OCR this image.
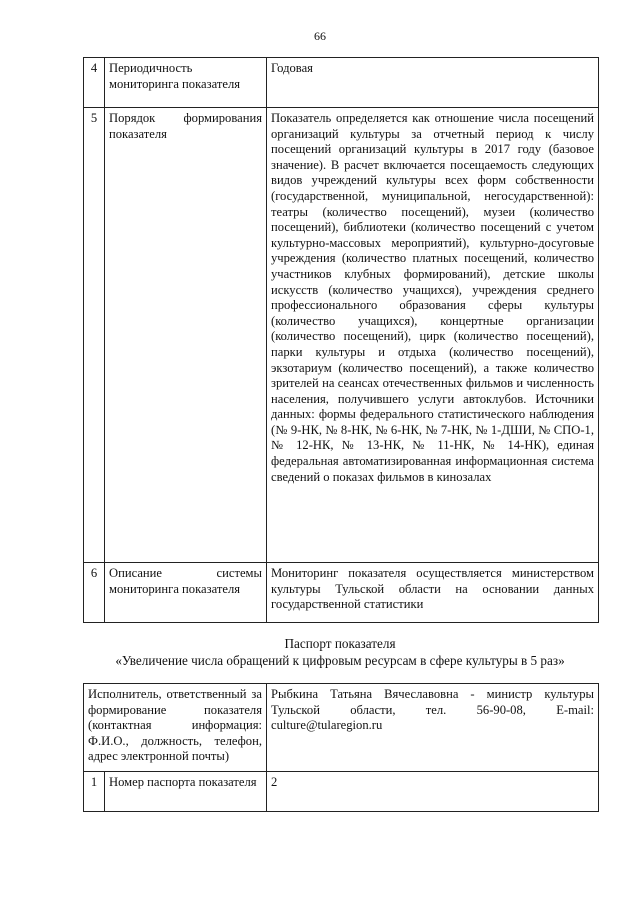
66
4	Периодичность мониторинга показателя	Годовая
5	Порядок формирования показателя	Показатель определяется как отношение числа посещений организаций культуры за отчетный период к числу посещений организаций культуры в 2017 году (базовое значение). В расчет включается посещаемость следующих видов учреждений культуры всех форм собственности (государственной, муниципальной, негосударственной): театры (количество посещений), музеи (количество посещений), библиотеки (количество посещений с учетом культурно-массовых мероприятий), культурно-досуговые учреждения (количество платных посещений, количество участников клубных формирований), детские школы искусств (количество учащихся), учреждения среднего профессионального образования сферы культуры (количество учащихся), концертные организации (количество посещений), цирк (количество посещений), парки культуры и отдыха (количество посещений), экзотариум (количество посещений), а также количество зрителей на сеансах отечественных фильмов и численность населения, получившего услуги автоклубов. Источники данных: формы федерального статистического наблюдения (№ 9-НК, № 8-НК, № 6-НК, № 7-НК, № 1-ДШИ, № СПО-1, № 12-НК, № 13-НК, № 11-НК, № 14-НК), единая федеральная автоматизированная информационная система сведений о показах фильмов в кинозалах
6	Описание системы мониторинга показателя	Мониторинг показателя осуществляется министерством культуры Тульской области на основании данных государственной статистики
Паспорт показателя
«Увеличение числа обращений к цифровым ресурсам в сфере культуры в 5 раз»
Исполнитель, ответственный за формирование показателя (контактная информация: Ф.И.О., должность, телефон, адрес электронной почты)		Рыбкина Татьяна Вячеславовна - министр культуры Тульской области, тел. 56-90-08, E-mail: culture@tularegion.ru
1	Номер паспорта показателя	2
